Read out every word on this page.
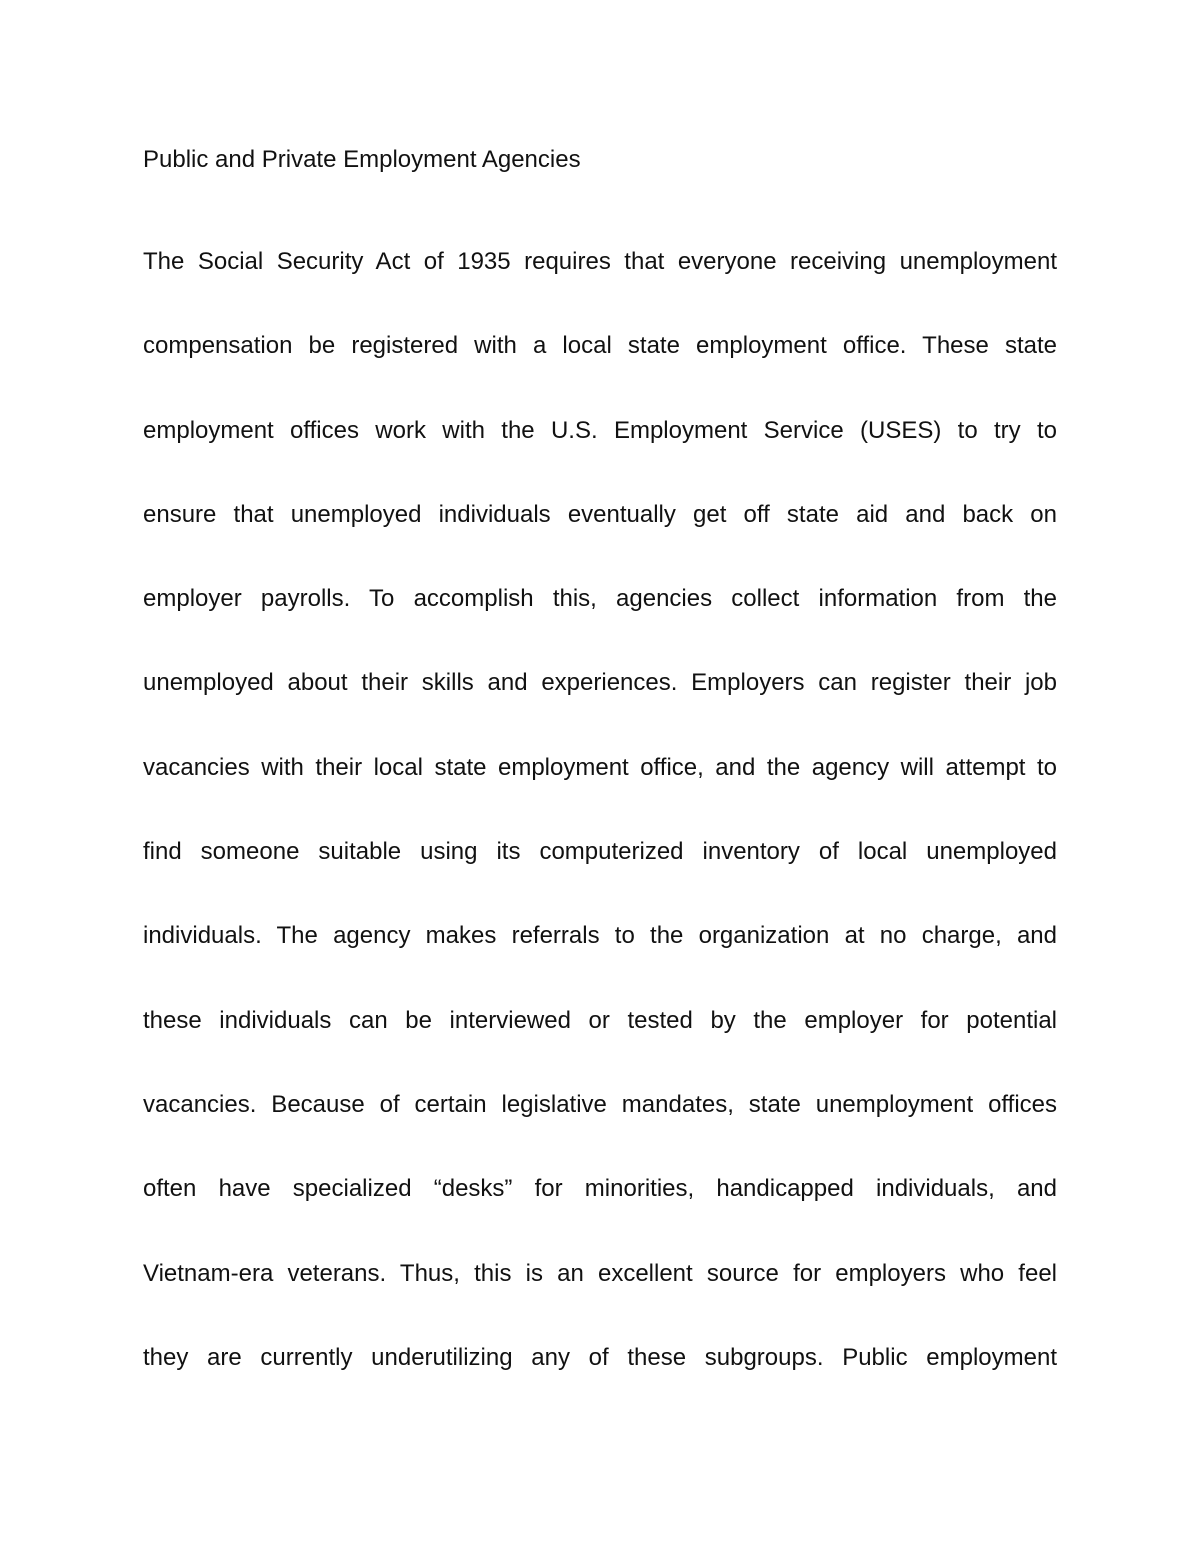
Public and Private Employment Agencies
The Social Security Act of 1935 requires that everyone receiving unemployment
compensation be registered with a local state employment office. These state
employment offices work with the U.S. Employment Service (USES) to try to
ensure that unemployed individuals eventually get off state aid and back on
employer payrolls. To accomplish this, agencies collect information from the
unemployed about their skills and experiences. Employers can register their job
vacancies with their local state employment office, and the agency will attempt to
find someone suitable using its computerized inventory of local unemployed
individuals. The agency makes referrals to the organization at no charge, and
these individuals can be interviewed or tested by the employer for potential
vacancies. Because of certain legislative mandates, state unemployment offices
often have specialized “desks” for minorities, handicapped individuals, and
Vietnam-era veterans. Thus, this is an excellent source for employers who feel
they are currently underutilizing any of these subgroups. Public employment
